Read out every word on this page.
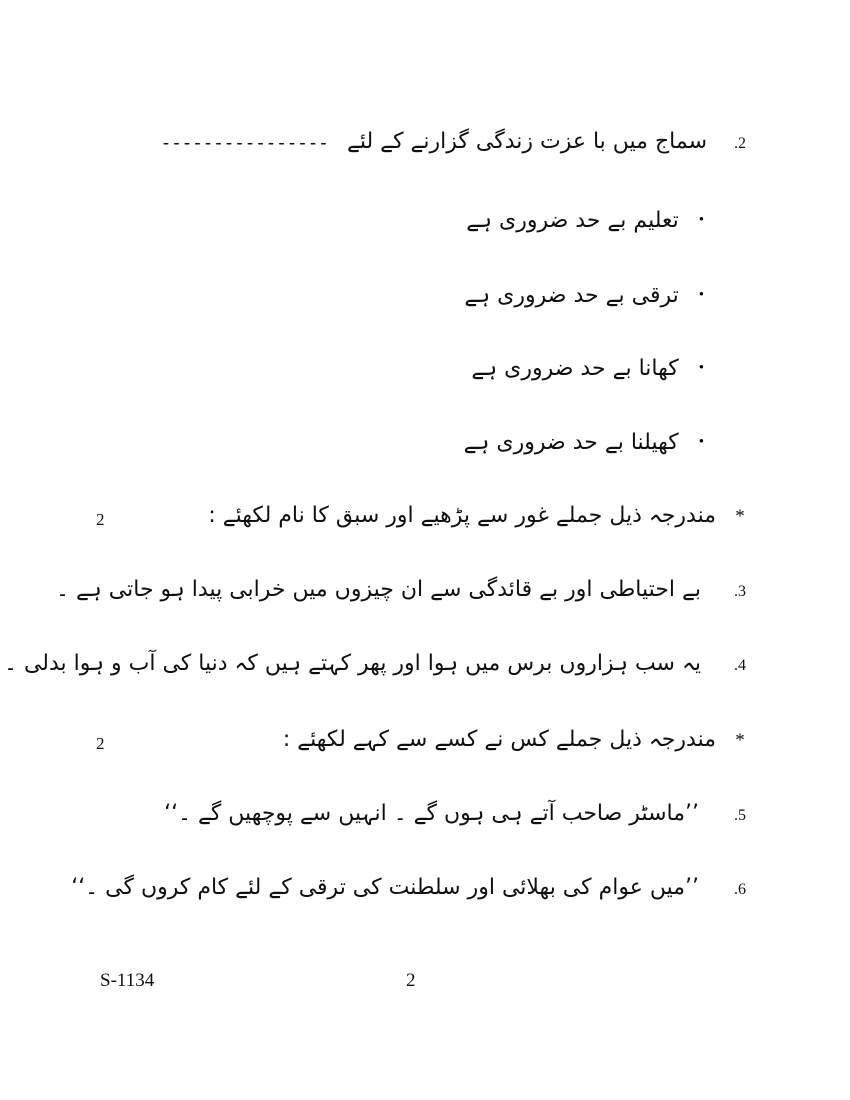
2.
سماج میں با عزت زندگی گزارنے کے لئے
----------------
•
تعلیم بے حد ضروری ہے
•
ترقی بے حد ضروری ہے
•
کھانا بے حد ضروری ہے
•
کھیلنا بے حد ضروری ہے
*
مندرجہ ذیل جملے غور سے پڑھیے اور سبق کا نام لکھئے :
2
3.
بے احتیاطی اور بے قائدگی سے ان چیزوں میں خرابی پیدا ہو جاتی ہے ۔
4.
یہ سب ہزاروں برس میں ہوا اور پھر کہتے ہیں کہ دنیا کی آب و ہوا بدلی ۔
*
مندرجہ ذیل جملے کس نے کسے سے کہے لکھئے :
2
5.
’’ماسٹر صاحب آتے ہی ہوں گے ۔ انہیں سے پوچھیں گے ۔‘‘
6.
’’میں عوام کی بھلائی اور سلطنت کی ترقی کے لئے کام کروں گی ۔‘‘
S-1134	2
